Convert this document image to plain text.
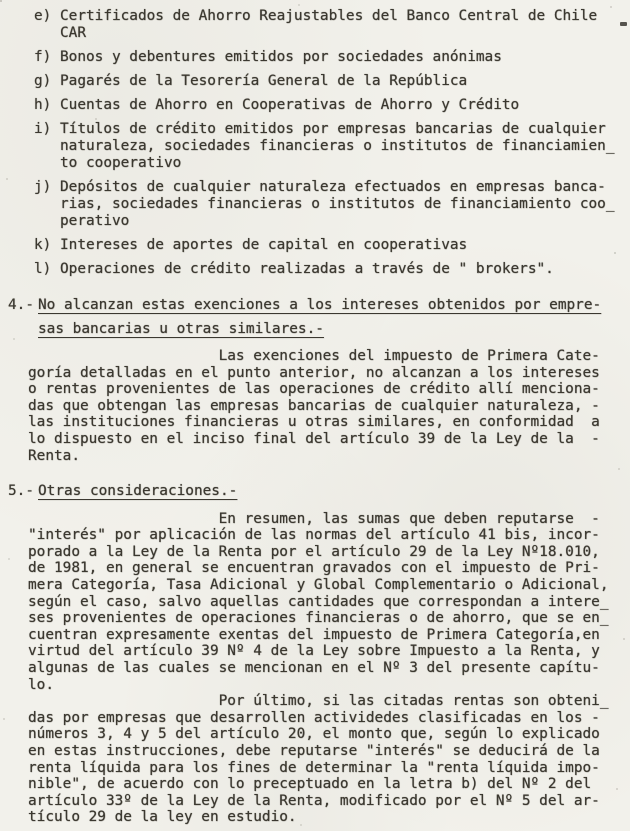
e) Certificados de Ahorro Reajustables del Banco Central de Chile
CAR
f) Bonos y debentures emitidos por sociedades anónimas
g) Pagarés de la Tesorería General de la República
h) Cuentas de Ahorro en Cooperativas de Ahorro y Crédito
i) Títulos de crédito emitidos por empresas bancarias de cualquier
naturaleza, sociedades financieras o institutos de financiamien̲
to cooperativo
j) Depósitos de cualquier naturaleza efectuados en empresas banca-
rias, sociedades financieras o institutos de financiamiento coo̲
perativo
k) Intereses de aportes de capital en cooperativas
l) Operaciones de crédito realizadas a través de " brokers".
4.- No alcanzan estas exenciones a los intereses obtenidos por empre-
sas bancarias u otras similares.-
Las exenciones del impuesto de Primera Cate-
goría detalladas en el punto anterior, no alcanzan a los intereses
o rentas provenientes de las operaciones de crédito allí menciona-
das que obtengan las empresas bancarias de cualquier naturaleza, -
las instituciones financieras u otras similares, en conformidad  a
lo dispuesto en el inciso final del artículo 39 de la Ley de la  -
Renta.
5.- Otras consideraciones.-
En resumen, las sumas que deben reputarse  -
"interés" por aplicación de las normas del artículo 41 bis, incor-
porado a la Ley de la Renta por el artículo 29 de la Ley Nº18.010,
de 1981, en general se encuentran gravados con el impuesto de Pri-
mera Categoría, Tasa Adicional y Global Complementario o Adicional,
según el caso, salvo aquellas cantidades que correspondan a intere̲
ses provenientes de operaciones financieras o de ahorro, que se en̲
cuentran expresamente exentas del impuesto de Primera Categoría,en
virtud del artículo 39 Nº 4 de la Ley sobre Impuesto a la Renta, y
algunas de las cuales se mencionan en el Nº 3 del presente capítu-
lo.
Por último, si las citadas rentas son obteni̲
das por empresas que desarrollen actividedes clasificadas en los -
números 3, 4 y 5 del artículo 20, el monto que, según lo explicado
en estas instrucciones, debe reputarse "interés" se deducirá de la
renta líquida para los fines de determinar la "renta líquida impo-
nible", de acuerdo con lo preceptuado en la letra b) del Nº 2 del
artículo 33º de la Ley de la Renta, modificado por el Nº 5 del ar-
tículo 29 de la ley en estudio.
